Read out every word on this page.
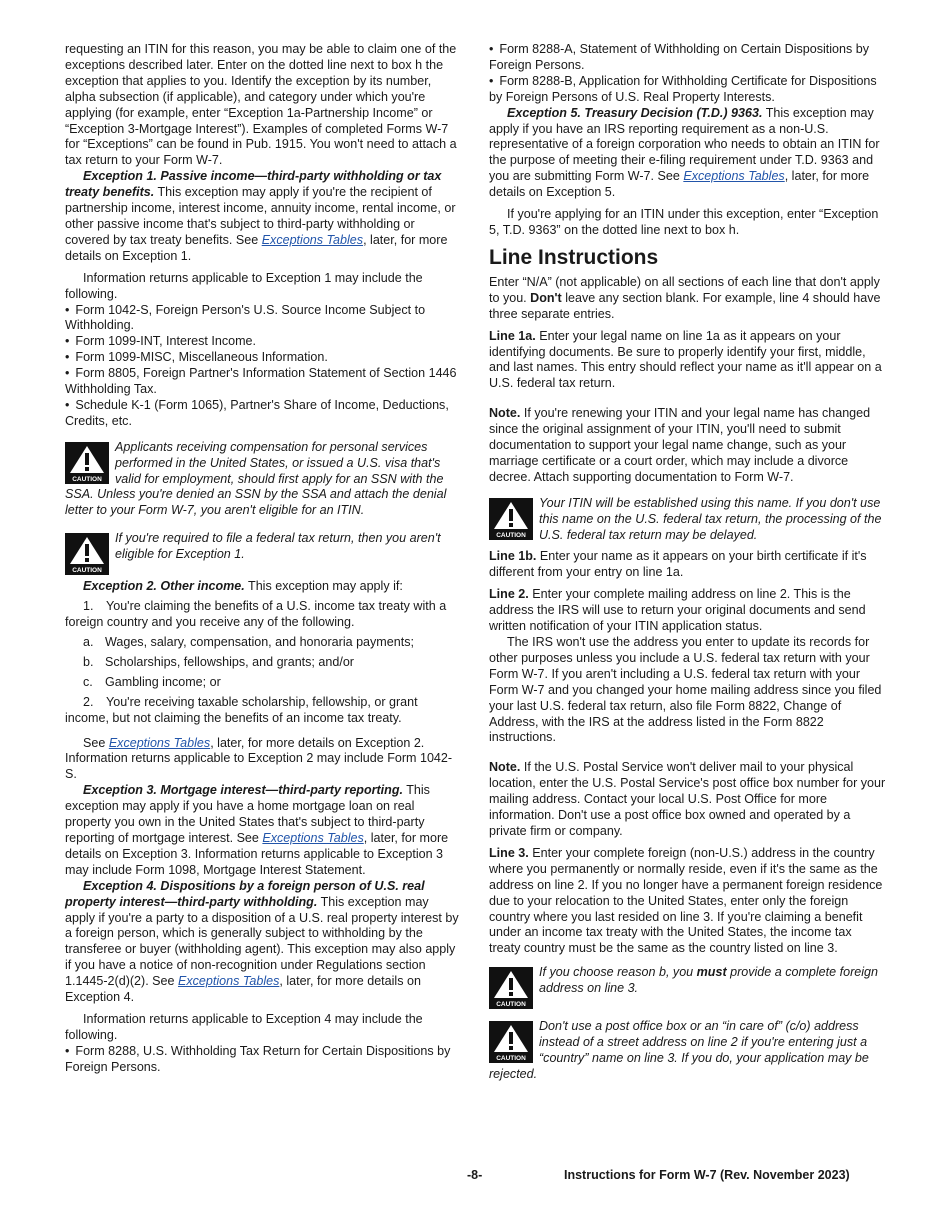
requesting an ITIN for this reason, you may be able to claim one of the exceptions described later. Enter on the dotted line next to box h the exception that applies to you. Identify the exception by its number, alpha subsection (if applicable), and category under which you're applying (for example, enter “Exception 1a-Partnership Income” or “Exception 3-Mortgage Interest”). Examples of completed Forms W-7 for “Exceptions” can be found in Pub. 1915. You won't need to attach a tax return to your Form W-7.

Exception 1. Passive income—third-party withholding or tax treaty benefits. This exception may apply if you're the recipient of partnership income, interest income, annuity income, rental income, or other passive income that's subject to third-party withholding or covered by tax treaty benefits. See Exceptions Tables, later, for more details on Exception 1.

Information returns applicable to Exception 1 may include the following.

• Form 1042-S, Foreign Person's U.S. Source Income Subject to Withholding.

• Form 1099-INT, Interest Income.

• Form 1099-MISC, Miscellaneous Information.

• Form 8805, Foreign Partner's Information Statement of Section 1446 Withholding Tax.

• Schedule K-1 (Form 1065), Partner's Share of Income, Deductions, Credits, etc.

CAUTION
Applicants receiving compensation for personal services performed in the United States, or issued a U.S. visa that's valid for employment, should first apply for an SSN with the SSA. Unless you're denied an SSN by the SSA and attach the denial letter to your Form W-7, you aren't eligible for an ITIN.
CAUTION
If you're required to file a federal tax return, then you aren't eligible for Exception 1.

Exception 2. Other income. This exception may apply if:

1. You're claiming the benefits of a U.S. income tax treaty with a foreign country and you receive any of the following.

a. Wages, salary, compensation, and honoraria payments;

b. Scholarships, fellowships, and grants; and/or

c. Gambling income; or

2. You're receiving taxable scholarship, fellowship, or grant income, but not claiming the benefits of an income tax treaty.

See Exceptions Tables, later, for more details on Exception 2. Information returns applicable to Exception 2 may include Form 1042-S.

Exception 3. Mortgage interest—third-party reporting. This exception may apply if you have a home mortgage loan on real property you own in the United States that's subject to third-party reporting of mortgage interest. See Exceptions Tables, later, for more details on Exception 3. Information returns applicable to Exception 3 may include Form 1098, Mortgage Interest Statement.

Exception 4. Dispositions by a foreign person of U.S. real property interest—third-party withholding. This exception may apply if you're a party to a disposition of a U.S. real property interest by a foreign person, which is generally subject to withholding by the transferee or buyer (withholding agent). This exception may also apply if you have a notice of non-recognition under Regulations section 1.1445-2(d)(2). See Exceptions Tables, later, for more details on Exception 4.

Information returns applicable to Exception 4 may include the following.

• Form 8288, U.S. Withholding Tax Return for Certain Dispositions by Foreign Persons.

• Form 8288-A, Statement of Withholding on Certain Dispositions by Foreign Persons.

• Form 8288-B, Application for Withholding Certificate for Dispositions by Foreign Persons of U.S. Real Property Interests.

Exception 5. Treasury Decision (T.D.) 9363. This exception may apply if you have an IRS reporting requirement as a non-U.S. representative of a foreign corporation who needs to obtain an ITIN for the purpose of meeting their e-filing requirement under T.D. 9363 and you are submitting Form W-7. See Exceptions Tables, later, for more details on Exception 5.

If you're applying for an ITIN under this exception, enter “Exception 5, T.D. 9363” on the dotted line next to box h.

Line Instructions

Enter “N/A” (not applicable) on all sections of each line that don't apply to you. Don't leave any section blank. For example, line 4 should have three separate entries.

Line 1a. Enter your legal name on line 1a as it appears on your identifying documents. Be sure to properly identify your first, middle, and last names. This entry should reflect your name as it'll appear on a U.S. federal tax return.

Note. If you're renewing your ITIN and your legal name has changed since the original assignment of your ITIN, you'll need to submit documentation to support your legal name change, such as your marriage certificate or a court order, which may include a divorce decree. Attach supporting documentation to Form W-7.

CAUTION
Your ITIN will be established using this name. If you don't use this name on the U.S. federal tax return, the processing of the U.S. federal tax return may be delayed.

Line 1b. Enter your name as it appears on your birth certificate if it's different from your entry on line 1a.

Line 2. Enter your complete mailing address on line 2. This is the address the IRS will use to return your original documents and send written notification of your ITIN application status.

The IRS won't use the address you enter to update its records for other purposes unless you include a U.S. federal tax return with your Form W-7. If you aren't including a U.S. federal tax return with your Form W-7 and you changed your home mailing address since you filed your last U.S. federal tax return, also file Form 8822, Change of Address, with the IRS at the address listed in the Form 8822 instructions.

Note. If the U.S. Postal Service won't deliver mail to your physical location, enter the U.S. Postal Service's post office box number for your mailing address. Contact your local U.S. Post Office for more information. Don't use a post office box owned and operated by a private firm or company.

Line 3. Enter your complete foreign (non-U.S.) address in the country where you permanently or normally reside, even if it's the same as the address on line 2. If you no longer have a permanent foreign residence due to your relocation to the United States, enter only the foreign country where you last resided on line 3. If you're claiming a benefit under an income tax treaty with the United States, the income tax treaty country must be the same as the country listed on line 3.

CAUTION
If you choose reason b, you must provide a complete foreign address on line 3.
CAUTION
Don't use a post office box or an “in care of” (c/o) address instead of a street address on line 2 if you're entering just a “country” name on line 3. If you do, your application may be rejected.
-8-	Instructions for Form W-7 (Rev. November 2023)
